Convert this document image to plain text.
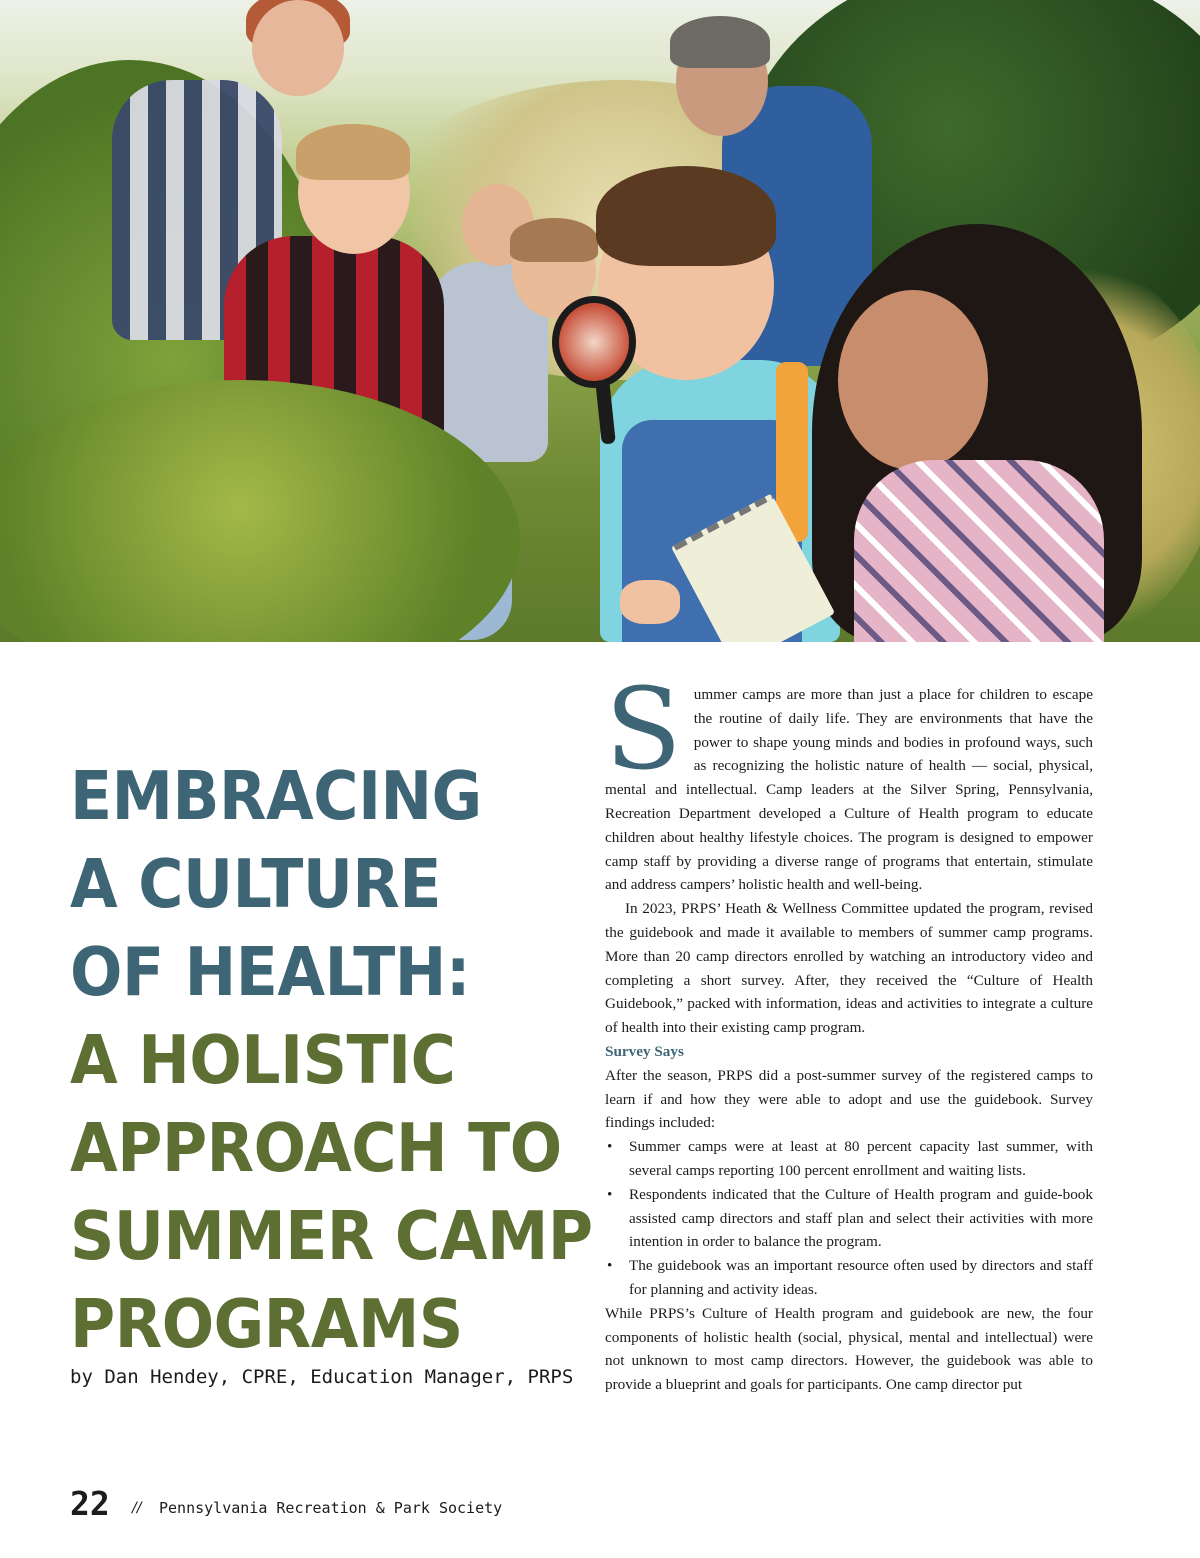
EMBRACING
A CULTURE
OF HEALTH:
A HOLISTIC
APPROACH TO
SUMMER CAMP
PROGRAMS
by Dan Hendey, CPRE, Education Manager, PRPS

Summer camps are more than just a place for children to escape the routine of daily life. They are environments that have the power to shape young minds and bodies in profound ways, such as recognizing the holistic nature of health — social, physical, mental and intellectual. Camp leaders at the Silver Spring, Pennsylvania, Recreation Department developed a Culture of Health program to educate children about healthy lifestyle choices. The program is designed to empower camp staff by providing a diverse range of programs that entertain, stimulate and address campers’ holistic health and well-being.

In 2023, PRPS’ Heath & Wellness Committee updated the program, revised the guidebook and made it available to members of summer camp programs. More than 20 camp directors enrolled by watching an introductory video and completing a short survey. After, they received the “Culture of Health Guidebook,” packed with information, ideas and activities to integrate a culture of health into their existing camp program.

Survey Says

After the season, PRPS did a post-summer survey of the registered camps to learn if and how they were able to adopt and use the guidebook. Survey findings included:

• Summer camps were at least at 80 percent capacity last summer, with several camps reporting 100 percent enrollment and waiting lists.
• Respondents indicated that the Culture of Health program and guide-book assisted camp directors and staff plan and select their activities with more intention in order to balance the program.
• The guidebook was an important resource often used by directors and staff for planning and activity ideas.

While PRPS’s Culture of Health program and guidebook are new, the four components of holistic health (social, physical, mental and intellectual) were not unknown to most camp directors. However, the guidebook was able to provide a blueprint and goals for participants. One camp director put

22 // Pennsylvania Recreation & Park Society
